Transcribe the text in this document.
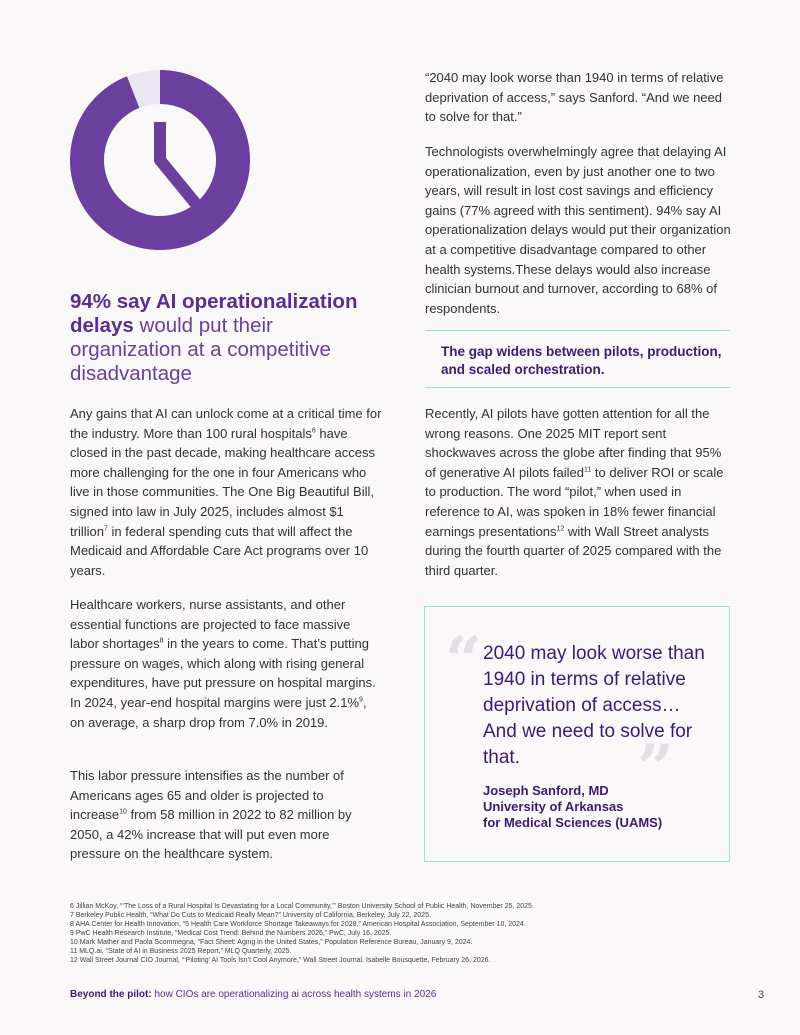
94% say AI operationalization delays would put their organization at a competitive disadvantage

Any gains that AI can unlock come at a critical time for the industry. More than 100 rural hospitals$^6$ have closed in the past decade, making healthcare access more challenging for the one in four Americans who live in those communities. The One Big Beautiful Bill, signed into law in July 2025, includes almost $1 trillion$^7$ in federal spending cuts that will affect the Medicaid and Affordable Care Act programs over 10 years.

Healthcare workers, nurse assistants, and other essential functions are projected to face massive labor shortages$^8$ in the years to come. That’s putting pressure on wages, which along with rising general expenditures, have put pressure on hospital margins. In 2024, year-end hospital margins were just 2.1%$^9$, on average, a sharp drop from 7.0% in 2019.

This labor pressure intensifies as the number of Americans ages 65 and older is projected to increase$^{10}$ from 58 million in 2022 to 82 million by 2050, a 42% increase that will put even more pressure on the healthcare system.

“2040 may look worse than 1940 in terms of relative deprivation of access,” says Sanford. “And we need to solve for that.”

Technologists overwhelmingly agree that delaying AI operationalization, even by just another one to two years, will result in lost cost savings and efficiency gains (77% agreed with this sentiment). 94% say AI operationalization delays would put their organization at a competitive disadvantage compared to other health systems.These delays would also increase clinician burnout and turnover, according to 68% of respondents.

The gap widens between pilots, production, and scaled orchestration.

Recently, AI pilots have gotten attention for all the wrong reasons. One 2025 MIT report sent shockwaves across the globe after finding that 95% of generative AI pilots failed$^{11}$ to deliver ROI or scale to production. The word “pilot,” when used in reference to AI, was spoken in 18% fewer financial earnings presentations$^{12}$ with Wall Street analysts during the fourth quarter of 2025 compared with the third quarter.

“ 2040 may look worse than 1940 in terms of relative deprivation of access… And we need to solve for that.	”
Joseph Sanford, MD
University of Arkansas
for Medical Sciences (UAMS)
6 Jillian McKoy, “‘The Loss of a Rural Hospital Is Devastating for a Local Community,’” Boston University School of Public Health, November 25, 2025.
7 Berkeley Public Health, “What Do Cuts to Medicaid Really Mean?” University of California, Berkeley, July 22, 2025.
8 AHA Center for Health Innovation, “5 Health Care Workforce Shortage Takeaways for 2028,” American Hospital Association, September 10, 2024.
9 PwC Health Research Institute, “Medical Cost Trend: Behind the Numbers 2026,” PwC, July 16, 2025.
10 Mark Mather and Paola Scommegna, “Fact Sheet: Aging in the United States,” Population Reference Bureau, January 9, 2024.
11 MLQ.ai, “State of AI in Business 2025 Report,” MLQ Quarterly, 2025.
12 Wall Street Journal CIO Journal, “‘Piloting’ AI Tools Isn’t Cool Anymore,” Wall Street Journal. Isabelle Bousquette, February 26, 2026.
Beyond the pilot: how CIOs are operationalizing ai across health systems in 2026	3
